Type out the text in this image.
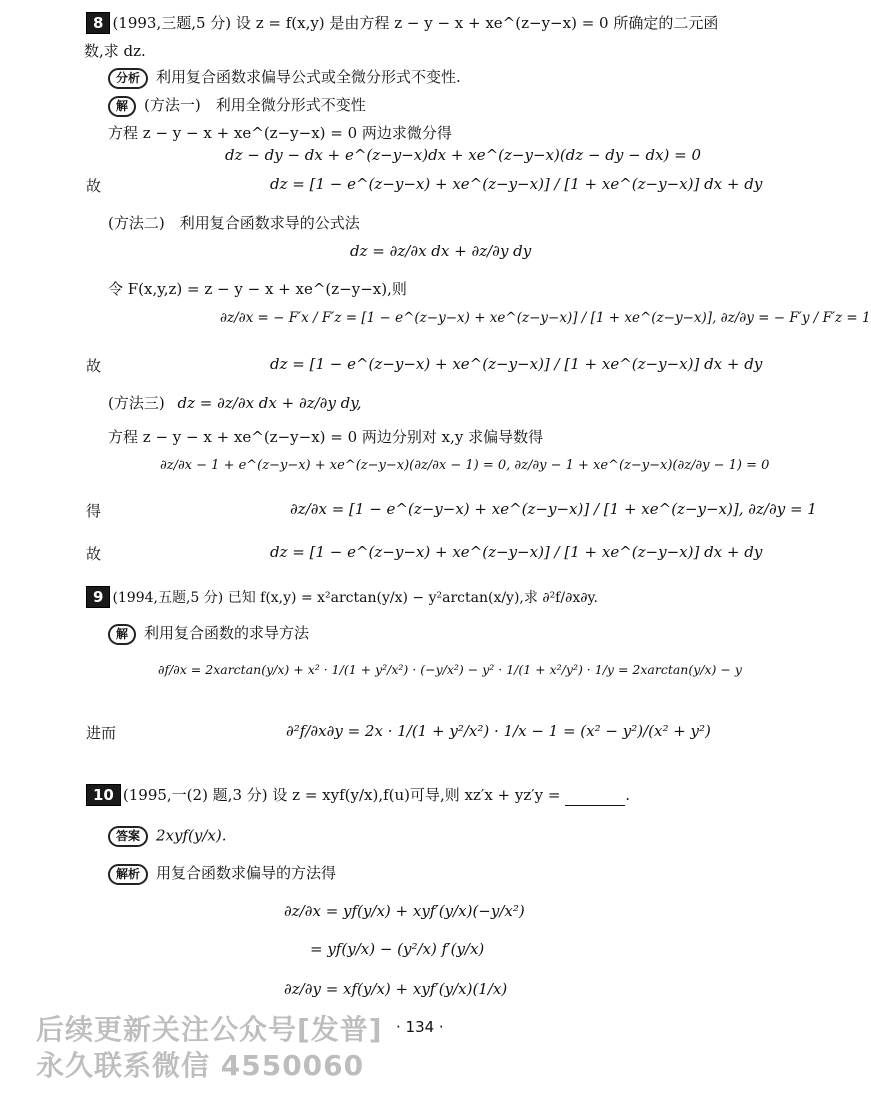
8 (1993,三题,5 分) 设 z = f(x,y) 是由方程 z − y − x + xe^(z−y−x) = 0 所确定的二元函
数,求 dz.
分析 利用复合函数求偏导公式或全微分形式不变性.
解 (方法一)　利用全微分形式不变性
方程 z − y − x + xe^(z−y−x) = 0 两边求微分得
dz − dy − dx + e^(z−y−x)dx + xe^(z−y−x)(dz − dy − dx) = 0
故	dz = [1 − e^(z−y−x) + xe^(z−y−x)] / [1 + xe^(z−y−x)] dx + dy
(方法二)　利用复合函数求导的公式法
dz = ∂z/∂x dx + ∂z/∂y dy
令 F(x,y,z) = z − y − x + xe^(z−y−x),则
∂z/∂x = − F′x / F′z = [1 − e^(z−y−x) + xe^(z−y−x)] / [1 + xe^(z−y−x)], ∂z/∂y = − F′y / F′z = 1
故	dz = [1 − e^(z−y−x) + xe^(z−y−x)] / [1 + xe^(z−y−x)] dx + dy
(方法三) dz = ∂z/∂x dx + ∂z/∂y dy,
方程 z − y − x + xe^(z−y−x) = 0 两边分别对 x,y 求偏导数得
∂z/∂x − 1 + e^(z−y−x) + xe^(z−y−x)(∂z/∂x − 1) = 0, ∂z/∂y − 1 + xe^(z−y−x)(∂z/∂y − 1) = 0
得	∂z/∂x = [1 − e^(z−y−x) + xe^(z−y−x)] / [1 + xe^(z−y−x)], ∂z/∂y = 1
故	dz = [1 − e^(z−y−x) + xe^(z−y−x)] / [1 + xe^(z−y−x)] dx + dy
9 (1994,五题,5 分) 已知 f(x,y) = x²arctan(y/x) − y²arctan(x/y),求 ∂²f/∂x∂y.
解 利用复合函数的求导方法
∂f/∂x = 2xarctan(y/x) + x² · 1/(1 + y²/x²) · (−y/x²) − y² · 1/(1 + x²/y²) · 1/y = 2xarctan(y/x) − y
进而	∂²f/∂x∂y = 2x · 1/(1 + y²/x²) · 1/x − 1 = (x² − y²)/(x² + y²)
10 (1995,一(2) 题,3 分) 设 z = xyf(y/x),f(u)可导,则 xz′x + yz′y =	.
答案 2xyf(y/x).
解析 用复合函数求偏导的方法得
∂z/∂x = yf(y/x) + xyf′(y/x)(−y/x²)
= yf(y/x) − (y²/x) f′(y/x)
∂z/∂y = xf(y/x) + xyf′(y/x)(1/x)
· 134 ·
后续更新关注公众号[发普]
永久联系微信 4550060
